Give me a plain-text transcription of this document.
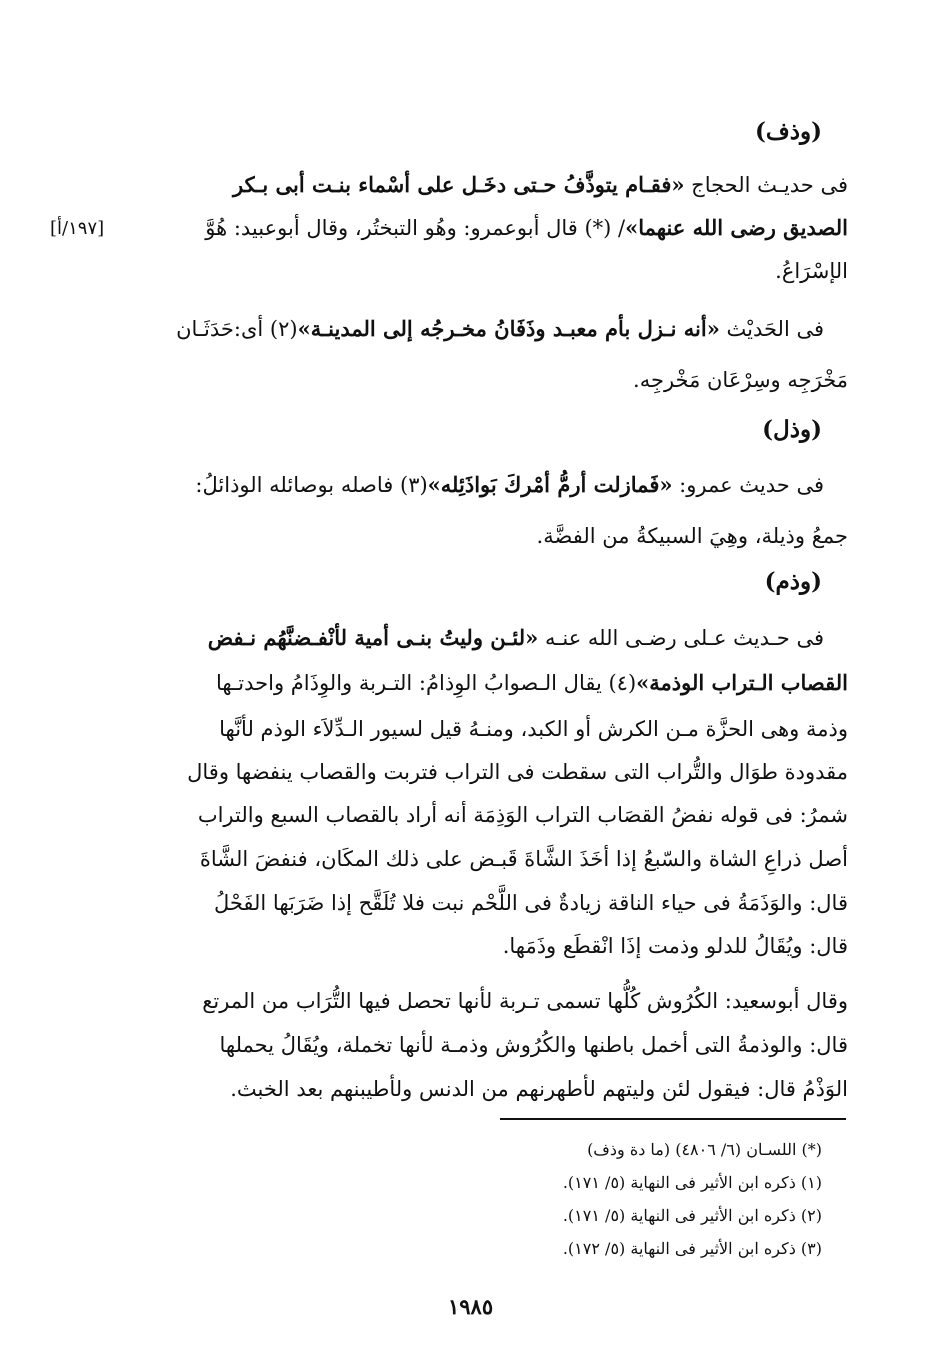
(وذف)
فى حديـث الحجاج «فقـام يتوذَّفُ حـتى دخَـل على أسْماء بنـت أبى بـكر
الصديق رضى الله عنهما»/ (*) قال أبوعمرو: وهُو التبختُر، وقال أبوعبيد: هُوَّ
[١٩٧/أ]
الإسْرَاعُ.
فى الحَديْث «أنه نـزل بأم معبـد وذَفَانُ مخـرجُه إلى المدينـة»(٢) أى:حَدَثَـان
مَخْرَجِه وسِرْعَان مَخْرجِه.
(وذل)
فى حديث عمرو: «فَمازلت أرمُّ أمْركَ بَواذَئِله»(٣) فاصله بوصائله الوذائلُ:
جمعُ وذيلة، وهِيَ السبيكةُ من الفضَّة.
(وذم)
فى حـديث عـلى رضـى الله عنـه «لئـن وليتُ بنـى أمية لأنْفـضنَّهُم نـفض
القصاب الـتراب الوذمة»(٤) يقال الـصوابُ الوِذامُ: التـربة والوِذَامُ واحدتـها
وذمة وهى الحزَّة مـن الكرش أو الكبد، ومنـهُ قيل لسيور الـدِّلاَء الوذم لأنَّها
مقدودة طوَال والتُّراب التى سقطت فى التراب فتربت والقصاب ينفضها وقال
شمرُ: فى قوله نفضُ القصَاب التراب الوَذِمَة أنه أراد بالقصاب السبع والتراب
أصل ذراعِ الشاة والسّبعُ إذا أخَذَ الشَّاةَ قَبـض على ذلك المكَان، فنفضَ الشَّاةَ
قال: والوَذَمَةُ فى حياء الناقة زيادةٌ فى اللَّحْم نبت فلا تُلَقَّح إذا ضَرَبَها الفَحْلُ
قال: ويُقَالُ للدلو وذمت إذَا انْقطَع وذَمَها.
وقال أبوسعيد: الكُرُوش كُلُّها تسمى تـربة لأنها تحصل فيها التُّرَاب من المرتع
قال: والوذمةُ التى أخمل باطنها والكُرُوش وذمـة لأنها تخملة، ويُقَالُ يحملها
الوَذْمُ قال: فيقول لئن وليتهم لأطهرنهم من الدنس ولأطيبنهم بعد الخبث.
(*) اللسـان (٦/ ٤٨٠٦) (ما دة وذف)
(١) ذكره ابن الأثير فى النهاية (٥/ ١٧١).
(٢) ذكره ابن الأثير فى النهاية (٥/ ١٧١).
(٣) ذكره ابن الأثير فى النهاية (٥/ ١٧٢).
١٩٨٥
